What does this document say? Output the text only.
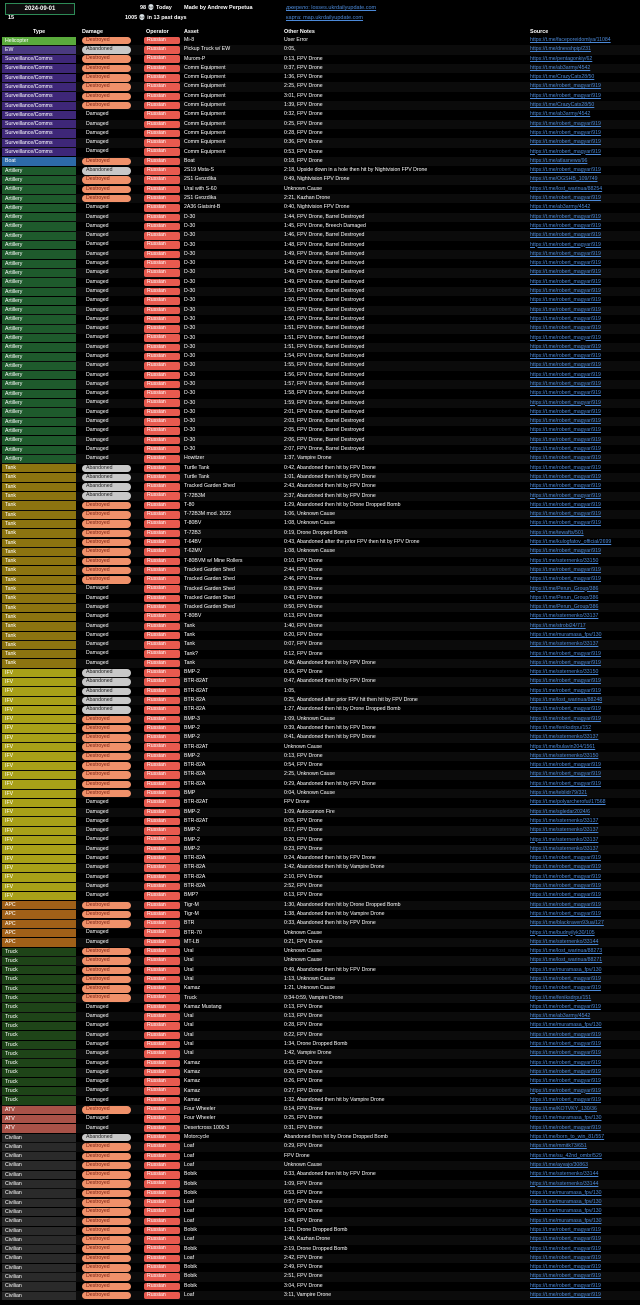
2024-09-01
15
98 💀 Today Made by Andrew Perpetua
1005 💀 in 13 past days
джерело: losses.ukrdailyupdate.com
карта: map.ukrdailyupdate.com
Type	Damage	Operator	Asset	Other Notes	Source
Helicopter	Destroyed	Russian	Mi-8	User Error	https://t.me/faceporeidomlya/11084
EW	Abandoned	Russian	Pickup Truck w/ EW	0:05,	https://t.me/dnevshpip/231
Surveillance/Comms	Destroyed	Russian	Murom-P	0:13, FPV Drone	https://t.me/pentagonkiy/62
Surveillance/Comms	Destroyed	Russian	Comm Equipment	0:37, FPV Drone	https://t.me/ab3army/4542
Surveillance/Comms	Destroyed	Russian	Comm Equipment	1:36, FPV Drone	https://t.me/CrazyCats28/50
Surveillance/Comms	Destroyed	Russian	Comm Equipment	2:25, FPV Drone	https://t.me/robert_magyar/919
Surveillance/Comms	Destroyed	Russian	Comm Equipment	3:01, FPV Drone	https://t.me/robert_magyar/919
Surveillance/Comms	Destroyed	Russian	Comm Equipment	1:39, FPV Drone	https://t.me/CrazyCats28/50
Surveillance/Comms	Damaged	Russian	Comm Equipment	0:32, FPV Drone	https://t.me/ab3army/4542
Surveillance/Comms	Damaged	Russian	Comm Equipment	0:25, FPV Drone	https://t.me/robert_magyar/919
Surveillance/Comms	Damaged	Russian	Comm Equipment	0:28, FPV Drone	https://t.me/robert_magyar/919
Surveillance/Comms	Damaged	Russian	Comm Equipment	0:36, FPV Drone	https://t.me/robert_magyar/919
Surveillance/Comms	Damaged	Russian	Comm Equipment	0:53, FPV Drone	https://t.me/robert_magyar/919
Boat	Destroyed	Russian	Boat	0:18, FPV Drone	https://t.me/atlasnews/96
Artillery	Abandoned	Russian	2S19 Msta-S	2:18, Upside down in a hole then hit by Nightvision FPV Drone	https://t.me/robert_magyar/919
Artillery	Destroyed	Russian	2S1 Gvozdika	0:49, Nightvision FPV Drone	https://t.me/OGSHB_109/749
Artillery	Destroyed	Russian	Ural with S-60	Unknown Cause	https://t.me/lost_warinua/88254
Artillery	Destroyed	Russian	2S1 Gvozdika	2:21, Kazhan Drone	https://t.me/robert_magyar/919
Artillery	Damaged	Russian	2A36 Giatsint-B	0:40, Nightvision FPV Drone	https://t.me/ab3army/4542
Artillery	Damaged	Russian	D-30	1:44, FPV Drone, Barrel Destroyed	https://t.me/robert_magyar/919
Artillery	Damaged	Russian	D-30	1:45, FPV Drone, Breech Damaged	https://t.me/robert_magyar/919
Artillery	Damaged	Russian	D-30	1:46, FPV Drone, Barrel Destroyed	https://t.me/robert_magyar/919
Artillery	Damaged	Russian	D-30	1:48, FPV Drone, Barrel Destroyed	https://t.me/robert_magyar/919
Artillery	Damaged	Russian	D-30	1:49, FPV Drone, Barrel Destroyed	https://t.me/robert_magyar/919
Artillery	Damaged	Russian	D-30	1:49, FPV Drone, Barrel Destroyed	https://t.me/robert_magyar/919
Artillery	Damaged	Russian	D-30	1:49, FPV Drone, Barrel Destroyed	https://t.me/robert_magyar/919
Artillery	Damaged	Russian	D-30	1:49, FPV Drone, Barrel Destroyed	https://t.me/robert_magyar/919
Artillery	Damaged	Russian	D-30	1:50, FPV Drone, Barrel Destroyed	https://t.me/robert_magyar/919
Artillery	Damaged	Russian	D-30	1:50, FPV Drone, Barrel Destroyed	https://t.me/robert_magyar/919
Artillery	Damaged	Russian	D-30	1:50, FPV Drone, Barrel Destroyed	https://t.me/robert_magyar/919
Artillery	Damaged	Russian	D-30	1:50, FPV Drone, Barrel Destroyed	https://t.me/robert_magyar/919
Artillery	Damaged	Russian	D-30	1:51, FPV Drone, Barrel Destroyed	https://t.me/robert_magyar/919
Artillery	Damaged	Russian	D-30	1:51, FPV Drone, Barrel Destroyed	https://t.me/robert_magyar/919
Artillery	Damaged	Russian	D-30	1:51, FPV Drone, Barrel Destroyed	https://t.me/robert_magyar/919
Artillery	Damaged	Russian	D-30	1:54, FPV Drone, Barrel Destroyed	https://t.me/robert_magyar/919
Artillery	Damaged	Russian	D-30	1:55, FPV Drone, Barrel Destroyed	https://t.me/robert_magyar/919
Artillery	Damaged	Russian	D-30	1:56, FPV Drone, Barrel Destroyed	https://t.me/robert_magyar/919
Artillery	Damaged	Russian	D-30	1:57, FPV Drone, Barrel Destroyed	https://t.me/robert_magyar/919
Artillery	Damaged	Russian	D-30	1:58, FPV Drone, Barrel Destroyed	https://t.me/robert_magyar/919
Artillery	Damaged	Russian	D-30	1:59, FPV Drone, Barrel Destroyed	https://t.me/robert_magyar/919
Artillery	Damaged	Russian	D-30	2:01, FPV Drone, Barrel Destroyed	https://t.me/robert_magyar/919
Artillery	Damaged	Russian	D-30	2:03, FPV Drone, Barrel Destroyed	https://t.me/robert_magyar/919
Artillery	Damaged	Russian	D-30	2:05, FPV Drone, Barrel Destroyed	https://t.me/robert_magyar/919
Artillery	Damaged	Russian	D-30	2:06, FPV Drone, Barrel Destroyed	https://t.me/robert_magyar/919
Artillery	Damaged	Russian	D-30	2:07, FPV Drone, Barrel Destroyed	https://t.me/robert_magyar/919
Artillery	Damaged	Russian	Howitzer	1:37, Vampire Drone	https://t.me/robert_magyar/919
Tank	Abandoned	Russian	Turtle Tank	0:42, Abandoned then hit by FPV Drone	https://t.me/robert_magyar/919
Tank	Abandoned	Russian	Turtle Tank	1:01, Abandoned then hit by FPV Drone	https://t.me/robert_magyar/919
Tank	Abandoned	Russian	Tracked Garden Shed	2:43, Abandoned then hit by FPV Drone	https://t.me/robert_magyar/919
Tank	Abandoned	Russian	T-72B3M	2:37, Abandoned then hit by FPV Drone	https://t.me/robert_magyar/919
Tank	Destroyed	Russian	T-80	1:29, Abandoned then hit by Drone Dropped Bomb	https://t.me/robert_magyar/919
Tank	Destroyed	Russian	T-72B3M mod. 2022	1:06, Unknown Cause	https://t.me/robert_magyar/919
Tank	Destroyed	Russian	T-80BV	1:08, Unknown Cause	https://t.me/robert_magyar/919
Tank	Destroyed	Russian	T-72B3	0:19, Drone Dropped Bomb	https://t.me/tewafts/501
Tank	Destroyed	Russian	T-64BV	0:43, Abandoned after the prior FPV then hit by FPV Drone	https://t.me/kulogfatov_official/2699
Tank	Destroyed	Russian	T-62MV	1:08, Unknown Cause	https://t.me/robert_magyar/919
Tank	Destroyed	Russian	T-80BVM w/ Mine Rollers	0:10, FPV Drone	https://t.me/ssternenko/33150
Tank	Destroyed	Russian	Tracked Garden Shed	2:44, FPV Drone	https://t.me/robert_magyar/919
Tank	Destroyed	Russian	Tracked Garden Shed	2:46, FPV Drone	https://t.me/robert_magyar/919
Tank	Damaged	Russian	Tracked Garden Shed	0:30, FPV Drone	https://t.me/Perun_Group/386
Tank	Damaged	Russian	Tracked Garden Shed	0:43, FPV Drone	https://t.me/Perun_Group/386
Tank	Damaged	Russian	Tracked Garden Shed	0:50, FPV Drone	https://t.me/Perun_Group/386
Tank	Damaged	Russian	T-80BV	0:13, FPV Drone	https://t.me/ssternenko/33137
Tank	Damaged	Russian	Tank	1:40, FPV Drone	https://t.me/strobi24/717
Tank	Damaged	Russian	Tank	0:20, FPV Drone	https://t.me/muramasa_fpv/130
Tank	Damaged	Russian	Tank	0:07, FPV Drone	https://t.me/ssternenko/33137
Tank	Damaged	Russian	Tank?	0:12, FPV Drone	https://t.me/robert_magyar/919
Tank	Damaged	Russian	Tank	0:40, Abandoned then hit by FPV Drone	https://t.me/robert_magyar/919
IFV	Abandoned	Russian	BMP-2	0:16, FPV Drone	https://t.me/ssternenko/33150
IFV	Abandoned	Russian	BTR-82AT	0:47, Abandoned then hit by FPV Drone	https://t.me/robert_magyar/919
IFV	Abandoned	Russian	BTR-82AT	1:05,	https://t.me/robert_magyar/919
IFV	Abandoned	Russian	BTR-82A	0:25, Abandoned after prior FPV hit then hit by FPV Drone	https://t.me/lost_warinua/88248
IFV	Abandoned	Russian	BTR-82A	1:27, Abandoned then hit by Drone Dropped Bomb	https://t.me/robert_magyar/919
IFV	Destroyed	Russian	BMP-3	1:09, Unknown Cause	https://t.me/robert_magyar/919
IFV	Destroyed	Russian	BMP-2	0:39, Abandoned then hit by FPV Drone	https://t.me/feniksdrpu/152
IFV	Destroyed	Russian	BMP-2	0:41, Abandoned then hit by FPV Drone	https://t.me/ssternenko/33137
IFV	Destroyed	Russian	BTR-82AT	Unknown Cause	https://t.me/bulavin204/1561
IFV	Destroyed	Russian	BMP-2	0:13, FPV Drone	https://t.me/ssternenko/33150
IFV	Destroyed	Russian	BTR-82A	0:54, FPV Drone	https://t.me/robert_magyar/919
IFV	Destroyed	Russian	BTR-82A	2:25, Unknown Cause	https://t.me/robert_magyar/919
IFV	Destroyed	Russian	BTR-82A	0:29, Abandoned then hit by FPV Drone	https://t.me/robert_magyar/919
IFV	Destroyed	Russian	BMP	0:04, Unknown Cause	https://t.me/teblidr79/321
IFV	Damaged	Russian	BTR-82AT	FPV Drone	https://t.me/polyarcherofui/17568
IFV	Damaged	Russian	BMP-2	1:09, Autocannon Fire	https://t.me/sgledar2024/6
IFV	Damaged	Russian	BTR-82AT	0:05, FPV Drone	https://t.me/ssternenko/33137
IFV	Damaged	Russian	BMP-2	0:17, FPV Drone	https://t.me/ssternenko/33137
IFV	Damaged	Russian	BMP-2	0:20, FPV Drone	https://t.me/ssternenko/33137
IFV	Damaged	Russian	BMP-2	0:23, FPV Drone	https://t.me/ssternenko/33137
IFV	Damaged	Russian	BTR-82A	0:24, Abandoned then hit by FPV Drone	https://t.me/robert_magyar/919
IFV	Damaged	Russian	BTR-82A	1:42, Abandoned then hit by Vampire Drone	https://t.me/robert_magyar/919
IFV	Damaged	Russian	BTR-82A	2:10, FPV Drone	https://t.me/robert_magyar/919
IFV	Damaged	Russian	BTR-82A	2:52, FPV Drone	https://t.me/robert_magyar/919
IFV	Damaged	Russian	BMP?	0:13, FPV Drone	https://t.me/robert_magyar/919
APC	Destroyed	Russian	Tigr-M	1:30, Abandoned then hit by Drone Dropped Bomb	https://t.me/robert_magyar/919
APC	Destroyed	Russian	Tigr-M	1:38, Abandoned then hit by Vampire Drone	https://t.me/robert_magyar/919
APC	Destroyed	Russian	BTR	0:33, Abandoned then hit by FPV Drone	https://t.me/blackraven93ua/127
APC	Damaged	Russian	BTR-70	Unknown Cause	https://t.me/budnyilyk30/105
APC	Damaged	Russian	MT-LB	0:21, FPV Drone	https://t.me/ssternenko/33144
Truck	Destroyed	Russian	Ural	Unknown Cause	https://t.me/lost_warinua/88273
Truck	Destroyed	Russian	Ural	Unknown Cause	https://t.me/lost_warinua/88271
Truck	Destroyed	Russian	Ural	0:49, Abandoned then hit by FPV Drone	https://t.me/muramasa_fpv/130
Truck	Destroyed	Russian	Ural	1:13, Unknown Cause	https://t.me/robert_magyar/919
Truck	Destroyed	Russian	Kamaz	1:21, Unknown Cause	https://t.me/robert_magyar/919
Truck	Destroyed	Russian	Truck	0:34-0:59, Vampire Drone	https://t.me/feniksdrpu/151
Truck	Damaged	Russian	Kamaz Mustang	0:13, FPV Drone	https://t.me/robert_magyar/919
Truck	Damaged	Russian	Ural	0:13, FPV Drone	https://t.me/ab3army/4542
Truck	Damaged	Russian	Ural	0:28, FPV Drone	https://t.me/muramasa_fpv/130
Truck	Damaged	Russian	Ural	0:22, FPV Drone	https://t.me/robert_magyar/919
Truck	Damaged	Russian	Ural	1:34, Drone Dropped Bomb	https://t.me/robert_magyar/919
Truck	Damaged	Russian	Ural	1:42, Vampire Drone	https://t.me/robert_magyar/919
Truck	Damaged	Russian	Kamaz	0:15, FPV Drone	https://t.me/robert_magyar/919
Truck	Damaged	Russian	Kamaz	0:20, FPV Drone	https://t.me/robert_magyar/919
Truck	Damaged	Russian	Kamaz	0:26, FPV Drone	https://t.me/robert_magyar/919
Truck	Damaged	Russian	Kamaz	0:27, FPV Drone	https://t.me/robert_magyar/919
Truck	Damaged	Russian	Kamaz	1:32, Abandoned then hit by Vampire Drone	https://t.me/robert_magyar/919
ATV	Destroyed	Russian	Four Wheeler	0:14, FPV Drone	https://t.me/KOTVKY_130/36
ATV	Damaged	Russian	Four Wheeler	0:25, FPV Drone	https://t.me/muramasa_fpv/130
ATV	Damaged	Russian	Desertcross 1000-3	0:31, FPV Drone	https://t.me/robert_magyar/919
Civilian	Abandoned	Russian	Motorcycle	Abandoned then hit by Drone Dropped Bomb	https://t.me/born_to_win_81/557
Civilian	Destroyed	Russian	Loaf	0:29, FPV Drone	https://t.me/mmitk73/651
Civilian	Destroyed	Russian	Loaf	FPV Drone	https://t.me/su_42nd_ombr/529
Civilian	Destroyed	Russian	Loaf	Unknown Cause	https://t.me/ayvajo/30863
Civilian	Destroyed	Russian	Bobik	0:33, Abandoned then hit by FPV Drone	https://t.me/ssternenko/33144
Civilian	Destroyed	Russian	Bobik	1:09, FPV Drone	https://t.me/ssternenko/33144
Civilian	Destroyed	Russian	Bobik	0:53, FPV Drone	https://t.me/muramasa_fpv/130
Civilian	Destroyed	Russian	Loaf	0:57, FPV Drone	https://t.me/muramasa_fpv/130
Civilian	Destroyed	Russian	Loaf	1:09, FPV Drone	https://t.me/muramasa_fpv/130
Civilian	Destroyed	Russian	Loaf	1:48, FPV Drone	https://t.me/muramasa_fpv/130
Civilian	Destroyed	Russian	Bobik	1:31, Drone Dropped Bomb	https://t.me/robert_magyar/919
Civilian	Destroyed	Russian	Loaf	1:40, Kazhan Drone	https://t.me/robert_magyar/919
Civilian	Destroyed	Russian	Bobik	2:19, Drone Dropped Bomb	https://t.me/robert_magyar/919
Civilian	Destroyed	Russian	Loaf	2:42, FPV Drone	https://t.me/robert_magyar/919
Civilian	Destroyed	Russian	Bobik	2:49, FPV Drone	https://t.me/robert_magyar/919
Civilian	Destroyed	Russian	Bobik	2:51, FPV Drone	https://t.me/robert_magyar/919
Civilian	Destroyed	Russian	Bobik	3:04, FPV Drone	https://t.me/robert_magyar/919
Civilian	Destroyed	Russian	Loaf	3:11, Vampire Drone	https://t.me/robert_magyar/919
